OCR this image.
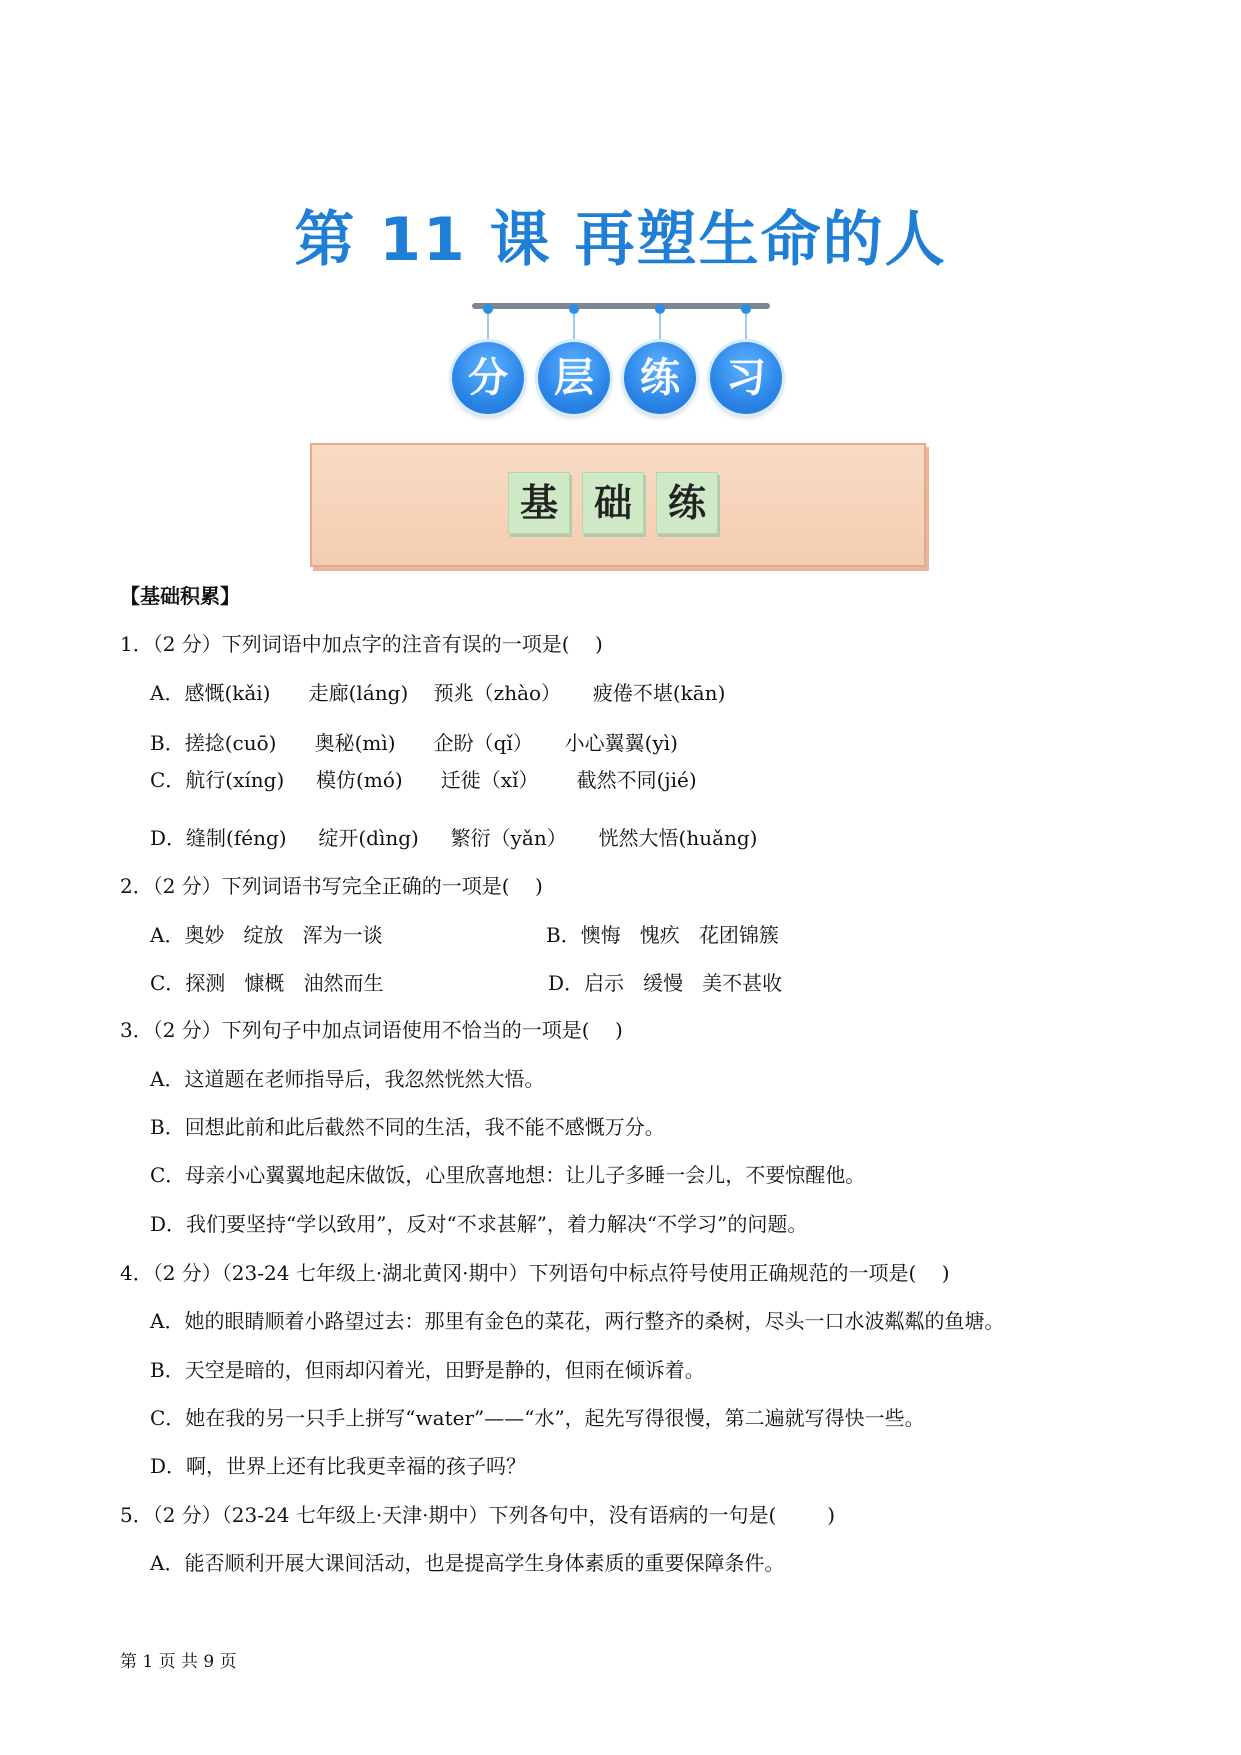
第 11 课 再塑生命的人
分	层	练	习
基 础 练
【基础积累】
1．（2 分）下列词语中加点字的注音有误的一项是(    )
A．感慨(kǎi)      走廊(láng)    预兆（zhào）     疲倦不堪(kān)
B．搓捻(cuō)      奥秘(mì)      企盼（qǐ）     小心翼翼(yì)
C．航行(xíng)     模仿(mó)      迁徙（xǐ）      截然不同(jié)
D．缝制(féng)     绽开(dìng)     繁衍（yǎn）     恍然大悟(huǎng)
2．（2 分）下列词语书写完全正确的一项是(    )
A．奥妙   绽放   浑为一谈	B．懊悔   愧疚   花团锦簇
C．探测   慷概   油然而生	D．启示   缓慢   美不甚收
3．（2 分）下列句子中加点词语使用不恰当的一项是(    )
A．这道题在老师指导后，我忽然恍然大悟。
B．回想此前和此后截然不同的生活，我不能不感慨万分。
C．母亲小心翼翼地起床做饭，心里欣喜地想：让儿子多睡一会儿，不要惊醒他。
D．我们要坚持“学以致用”，反对“不求甚解”，着力解决“不学习”的问题。
4．（2 分）（23-24 七年级上·湖北黄冈·期中）下列语句中标点符号使用正确规范的一项是(    )
A．她的眼睛顺着小路望过去：那里有金色的菜花，两行整齐的桑树，尽头一口水波粼粼的鱼塘。
B．天空是暗的，但雨却闪着光，田野是静的，但雨在倾诉着。
C．她在我的另一只手上拼写“water”——“水”，起先写得很慢，第二遍就写得快一些。
D．啊，世界上还有比我更幸福的孩子吗？
5．（2 分）（23-24 七年级上·天津·期中）下列各句中，没有语病的一句是(        )
A．能否顺利开展大课间活动，也是提高学生身体素质的重要保障条件。
第 1 页 共 9 页
